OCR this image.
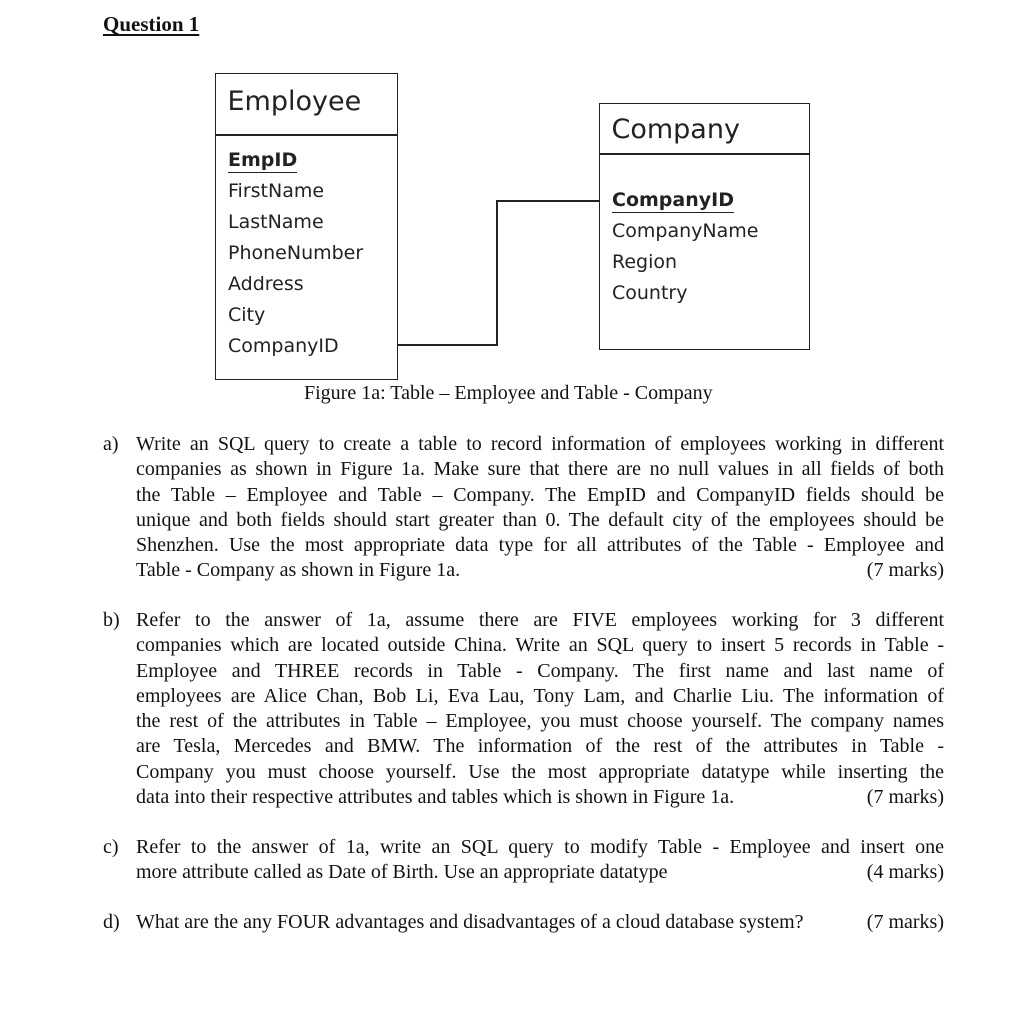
Question 1
Employee
EmpID
FirstName
LastName
PhoneNumber
Address
City
CompanyID
Company
CompanyID
CompanyName
Region
Country
Figure 1a: Table – Employee and Table - Company
a) Write an SQL query to create a table to record information of employees working in different
companies as shown in Figure 1a. Make sure that there are no null values in all fields of both
the Table – Employee and Table – Company. The EmpID and CompanyID fields should be
unique and both fields should start greater than 0. The default city of the employees should be
Shenzhen. Use the most appropriate data type for all attributes of the Table - Employee and
Table - Company as shown in Figure 1a.	(7 marks)
b) Refer to the answer of 1a, assume there are FIVE employees working for 3 different
companies which are located outside China. Write an SQL query to insert 5 records in Table -
Employee and THREE records in Table - Company. The first name and last name of
employees are Alice Chan, Bob Li, Eva Lau, Tony Lam, and Charlie Liu. The information of
the rest of the attributes in Table – Employee, you must choose yourself. The company names
are Tesla, Mercedes and BMW. The information of the rest of the attributes in Table -
Company you must choose yourself. Use the most appropriate datatype while inserting the
data into their respective attributes and tables which is shown in Figure 1a.	(7 marks)
c) Refer to the answer of 1a, write an SQL query to modify Table - Employee and insert one
more attribute called as Date of Birth. Use an appropriate datatype	(4 marks)
d) What are the any FOUR advantages and disadvantages of a cloud database system?	(7 marks)
